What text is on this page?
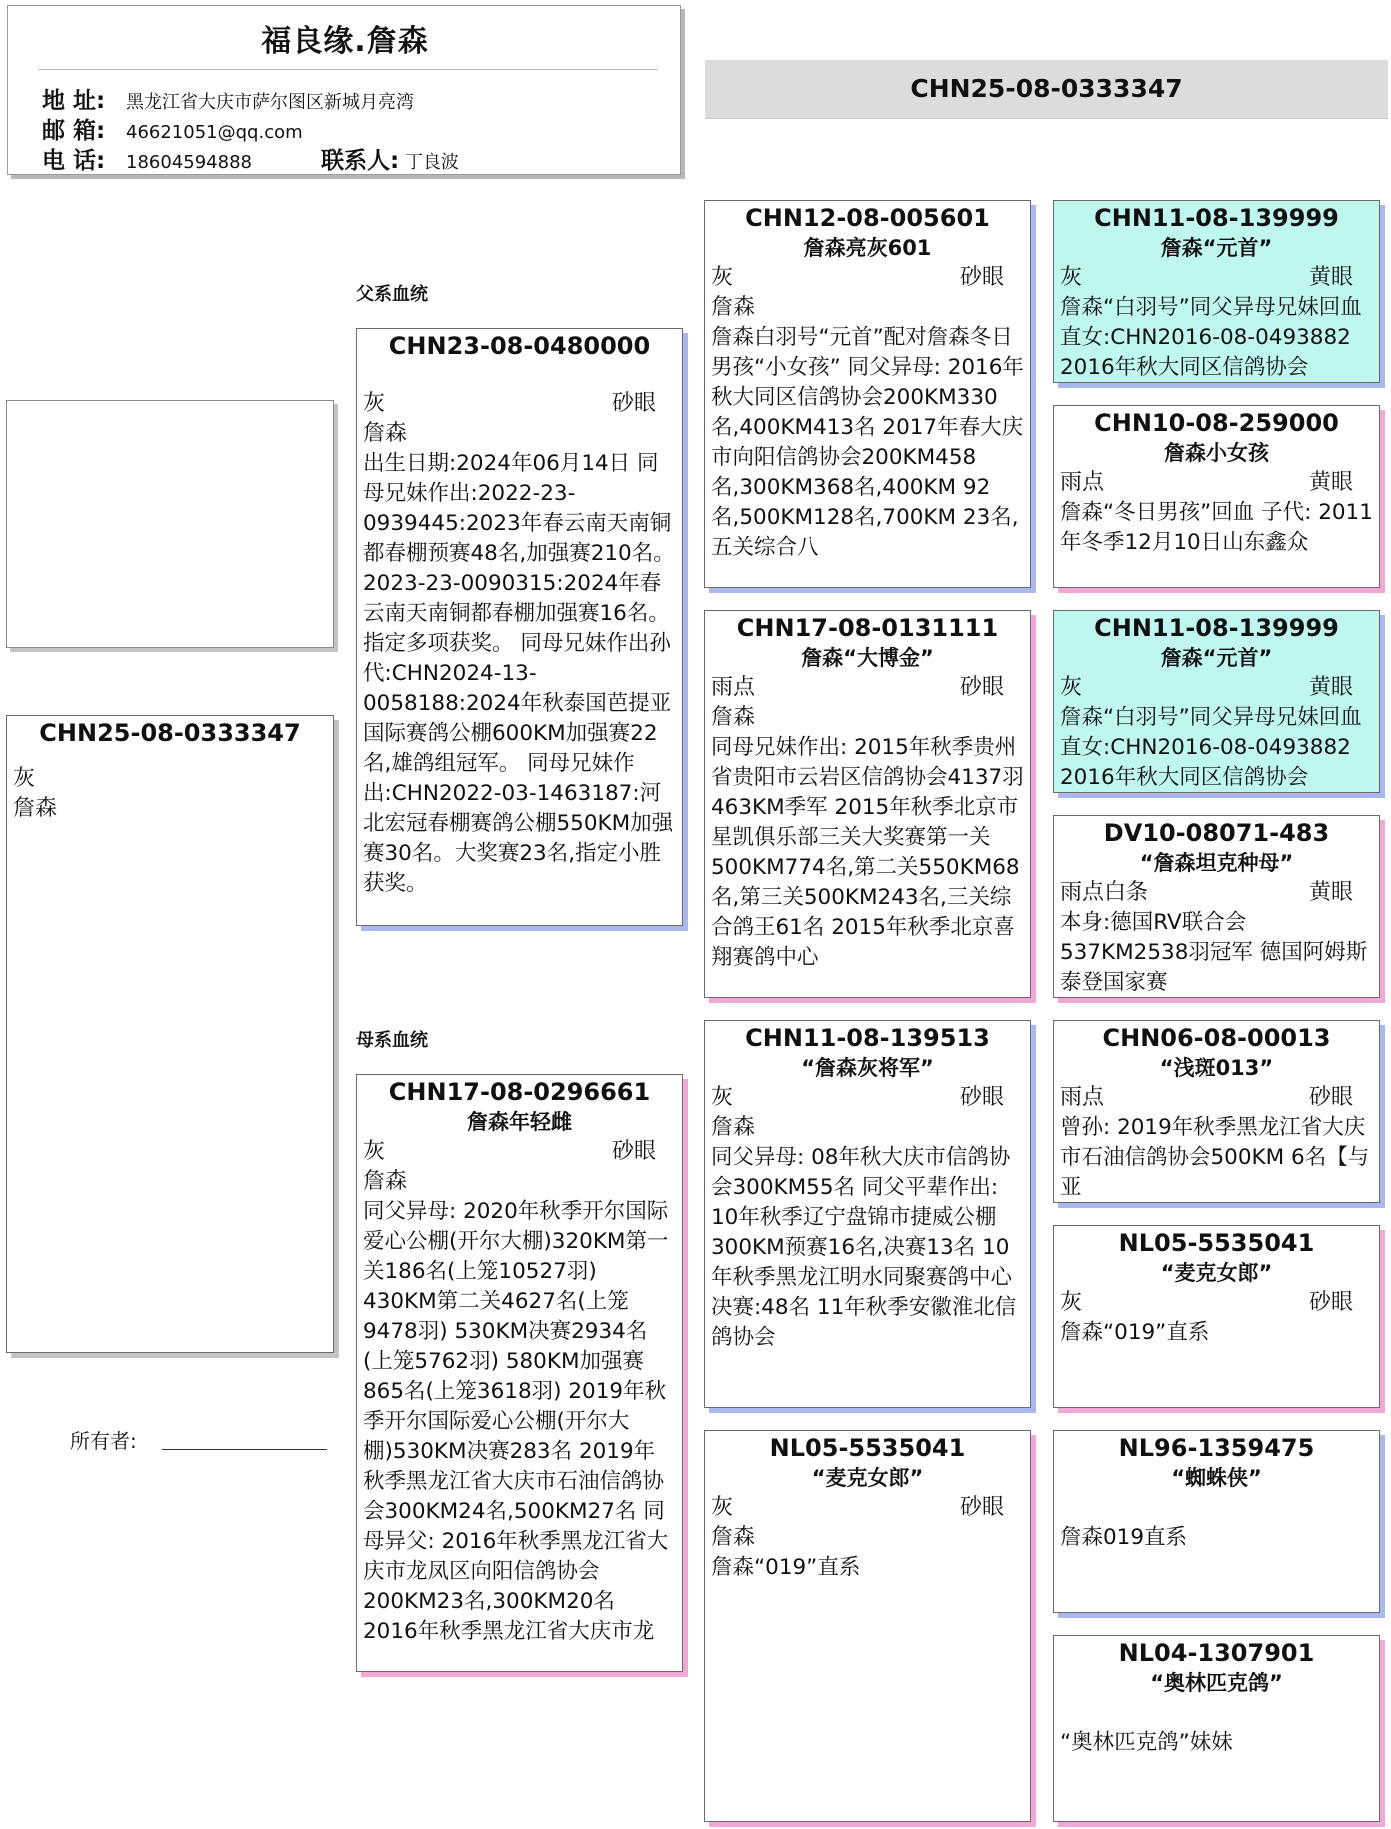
福良缘.詹森
地 址: 黑龙江省大庆市萨尔图区新城月亮湾
邮 箱: 46621051@qq.com
电 话: 18604594888	联系人: 丁良波
CHN25-08-0333347
父系血统
母系血统
CHN25-08-0333347
灰
詹森
所有者:
CHN23-08-0480000
灰	砂眼
詹森
出生日期:2024年06月14日 同母兄妹作出:2022-23-0939445:2023年春云南天南铜都春棚预赛48名,加强赛210名。2023-23-0090315:2024年春云南天南铜都春棚加强赛16名。指定多项获奖。 同母兄妹作出孙代:CHN2024-13-0058188:2024年秋泰国芭提亚国际赛鸽公棚600KM加强赛22名,雄鸽组冠军。 同母兄妹作出:CHN2022-03-1463187:河北宏冠春棚赛鸽公棚550KM加强赛30名。大奖赛23名,指定小胜获奖。
CHN17-08-0296661
詹森年轻雌
灰	砂眼
詹森
同父异母: 2020年秋季开尔国际爱心公棚(开尔大棚)320KM第一关186名(上笼10527羽) 430KM第二关4627名(上笼9478羽) 530KM决赛2934名(上笼5762羽) 580KM加强赛865名(上笼3618羽) 2019年秋季开尔国际爱心公棚(开尔大棚)530KM决赛283名 2019年秋季黑龙江省大庆市石油信鸽协会300KM24名,500KM27名 同母异父: 2016年秋季黑龙江省大庆市龙凤区向阳信鸽协会200KM23名,300KM20名 2016年秋季黑龙江省大庆市龙
CHN12-08-005601
詹森亮灰601
灰	砂眼
詹森
詹森白羽号“元首”配对詹森冬日男孩“小女孩” 同父异母: 2016年秋大同区信鸽协会200KM330名,400KM413名 2017年春大庆市向阳信鸽协会200KM458名,300KM368名,400KM 92名,500KM128名,700KM 23名,五关综合八
CHN17-08-0131111
詹森“大博金”
雨点	砂眼
詹森
同母兄妹作出: 2015年秋季贵州省贵阳市云岩区信鸽协会4137羽463KM季军 2015年秋季北京市星凯俱乐部三关大奖赛第一关500KM774名,第二关550KM68名,第三关500KM243名,三关综合鸽王61名 2015年秋季北京喜翔赛鸽中心
CHN11-08-139513
“詹森灰将军”
灰	砂眼
詹森
同父异母: 08年秋大庆市信鸽协会300KM55名 同父平辈作出: 10年秋季辽宁盘锦市捷威公棚300KM预赛16名,决赛13名 10年秋季黑龙江明水同聚赛鸽中心决赛:48名 11年秋季安徽淮北信鸽协会
NL05-5535041
“麦克女郎”
灰	砂眼
詹森
詹森“019”直系
CHN11-08-139999
詹森“元首”
灰	黄眼
詹森“白羽号”同父异母兄妹回血 直女:CHN2016-08-0493882 2016年秋大同区信鸽协会
CHN10-08-259000
詹森小女孩
雨点	黄眼
詹森“冬日男孩”回血 子代: 2011年冬季12月10日山东鑫众
CHN11-08-139999
詹森“元首”
灰	黄眼
詹森“白羽号”同父异母兄妹回血 直女:CHN2016-08-0493882 2016年秋大同区信鸽协会
DV10-08071-483
“詹森坦克种母”
雨点白条	黄眼
本身:德国RV联合会537KM2538羽冠军 德国阿姆斯泰登国家赛
CHN06-08-00013
“浅斑013”
雨点	砂眼
曾孙: 2019年秋季黑龙江省大庆市石油信鸽协会500KM 6名【与亚
NL05-5535041
“麦克女郎”
灰	砂眼
詹森“019”直系
NL96-1359475
“蜘蛛侠”
詹森019直系
NL04-1307901
“奥林匹克鸽”
“奥林匹克鸽”妹妹
